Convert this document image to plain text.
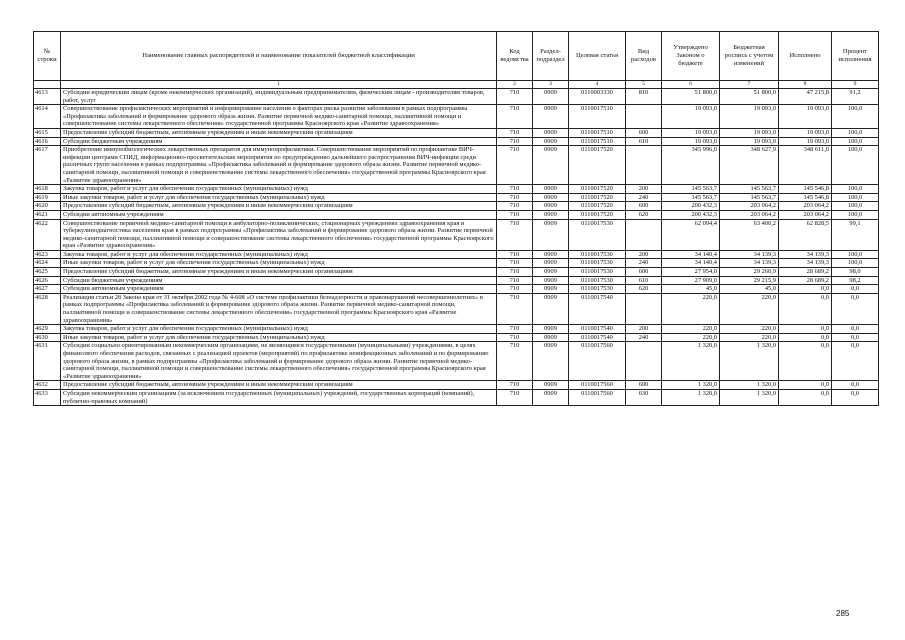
№ строки	Наименование главных распорядителей и наименование показателей бюджетной классификации	Код ведомства	Раздел-подраздел	Целевая статья	Вид расходов	Утверждено Законом о бюджете	Бюджетная роспись с учетом изменений	Исполнено	Процент исполнения
	1	2	3	4	5	6	7	8	9
4613	Субсидии юридическим лицам (кроме некоммерческих организаций), индивидуальным предпринимателям, физическим лицам - производителям товаров, работ, услуг	710	0909	0110003330	810	51 800,0	51 800,0	47 215,8	91,2
4614	Совершенствование профилактических мероприятий и информирование населения о факторах риска развития заболевания в рамках подпрограммы «Профилактика заболеваний и формирование здорового образа жизни. Развитие первичной медико-санитарной помощи, паллиативной помощи и совершенствование системы лекарственного обеспечения» государственной программы Красноярского края «Развитие здравоохранения»	710	0909	0110017510		19 093,0	19 093,0	19 093,0	100,0
4615	Предоставление субсидий бюджетным, автономным учреждениям и иным некоммерческим организациям	710	0909	0110017510	600	19 093,0	19 093,0	19 093,0	100,0
4616	Субсидии бюджетным учреждениям	710	0909	0110017510	610	19 093,0	19 093,0	19 093,0	100,0
4617	Приобретение иммунобиологических лекарственных препаратов для иммунопрофилактики. Совершенствование мероприятий по профилактике ВИЧ-инфекции центрами СПИД, информационно-просветительские мероприятия по предупреждению дальнейшего распространения ВИЧ-инфекции среди различных групп населения в рамках подпрограммы «Профилактика заболеваний и формирование здорового образа жизни. Развитие первичной медико-санитарной помощи, паллиативной помощи и совершенствование системы лекарственного обеспечения» государственной программы Красноярского края «Развитие здравоохранения»	710	0909	0110017520		345 996,0	348 627,9	348 611,0	100,0
4618	Закупка товаров, работ и услуг для обеспечения государственных (муниципальных) нужд	710	0909	0110017520	200	145 563,7	145 563,7	145 546,8	100,0
4619	Иные закупки товаров, работ и услуг для обеспечения государственных (муниципальных) нужд	710	0909	0110017520	240	145 563,7	145 563,7	145 546,8	100,0
4620	Предоставление субсидий бюджетным, автономным учреждениям и иным некоммерческим организациям	710	0909	0110017520	600	200 432,3	203 064,2	203 064,2	100,0
4621	Субсидии автономным учреждениям	710	0909	0110017520	620	200 432,3	203 064,2	203 064,2	100,0
4622	Совершенствование первичной медико-санитарной помощи в амбулаторно-поликлинических, стационарных учреждениях здравоохранения края и туберкулинодиагностика населения края в рамках подпрограммы «Профилактика заболеваний и формирование здорового образа жизни. Развитие первичной медико-санитарной помощи, паллиативной помощи и совершенствование системы лекарственного обеспечения» государственной программы Красноярского края «Развитие здравоохранения»	710	0909	0110017530		62 094,4	63 400,2	62 828,5	99,1
4623	Закупка товаров, работ и услуг для обеспечения государственных (муниципальных) нужд	710	0909	0110017530	200	34 140,4	34 139,3	34 139,3	100,0
4624	Иные закупки товаров, работ и услуг для обеспечения государственных (муниципальных) нужд	710	0909	0110017530	240	34 140,4	34 139,3	34 139,3	100,0
4625	Предоставление субсидий бюджетным, автономным учреждениям и иным некоммерческим организациям	710	0909	0110017530	600	27 954,0	29 260,9	28 689,2	98,0
4626	Субсидии бюджетным учреждениям	710	0909	0110017530	610	27 909,0	29 215,9	28 689,2	98,2
4627	Субсидии автономным учреждениям	710	0909	0110017530	620	45,0	45,0	0,0	0,0
4628	Реализация статьи 28 Закона края от 31 октября 2002 года № 4-608 «О системе профилактики безнадзорности и правонарушений несовершеннолетних» в рамках подпрограммы «Профилактика заболеваний и формирование здорового образа жизни. Развитие первичной медико-санитарной помощи, паллиативной помощи и совершенствование системы лекарственного обеспечения» государственной программы Красноярского края «Развитие здравоохранения»	710	0909	0110017540		220,0	220,0	0,0	0,0
4629	Закупка товаров, работ и услуг для обеспечения государственных (муниципальных) нужд	710	0909	0110017540	200	220,0	220,0	0,0	0,0
4630	Иные закупки товаров, работ и услуг для обеспечения государственных (муниципальных) нужд	710	0909	0110017540	240	220,0	220,0	0,0	0,0
4631	Субсидии социально ориентированным некоммерческим организациям, не являющимся государственными (муниципальными) учреждениями, в целях финансового обеспечения расходов, связанных с реализацией проектов (мероприятий) по профилактике неинфекционных заболеваний и по формированию здорового образа жизни, в рамках подпрограммы «Профилактика заболеваний и формирование здорового образа жизни. Развитие первичной медико-санитарной помощи, паллиативной помощи и совершенствование системы лекарственного обеспечения» государственной программы Красноярского края «Развитие здравоохранения»	710	0909	0110017560		1 320,0	1 320,0	0,0	0,0
4632	Предоставление субсидий бюджетным, автономным учреждениям и иным некоммерческим организациям	710	0909	0110017560	600	1 320,0	1 320,0	0,0	0,0
4633	Субсидии некоммерческим организациям (за исключением государственных (муниципальных) учреждений, государственных корпораций (компаний), публично-правовых компаний)	710	0909	0110017560	630	1 320,0	1 320,0	0,0	0,0
285
